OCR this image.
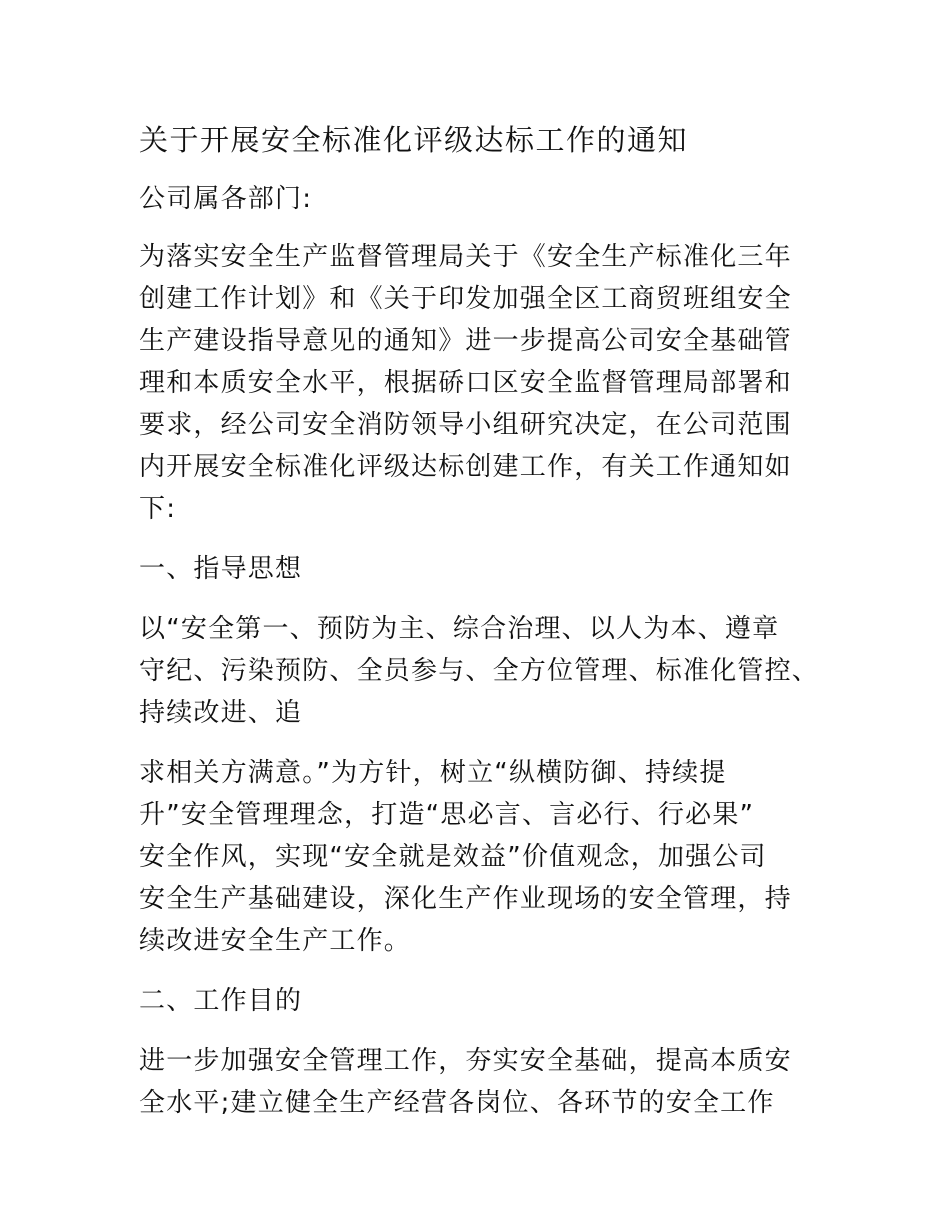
关于开展安全标准化评级达标工作的通知

公司属各部门:

为落实安全生产监督管理局关于《安全生产标准化三年
创建工作计划》和《关于印发加强全区工商贸班组安全
生产建设指导意见的通知》进一步提高公司安全基础管
理和本质安全水平，根据硚口区安全监督管理局部署和
要求，经公司安全消防领导小组研究决定，在公司范围
内开展安全标准化评级达标创建工作，有关工作通知如
下:

一、指导思想

以“安全第一、预防为主、综合治理、以人为本、遵章
守纪、污染预防、全员参与、全方位管理、标准化管控、
持续改进、追

求相关方满意。”为方针，树立“纵横防御、持续提
升”安全管理理念，打造“思必言、言必行、行必果”
安全作风，实现“安全就是效益”价值观念，加强公司
安全生产基础建设，深化生产作业现场的安全管理，持
续改进安全生产工作。

二、工作目的

进一步加强安全管理工作，夯实安全基础，提高本质安
全水平;建立健全生产经营各岗位、各环节的安全工作
